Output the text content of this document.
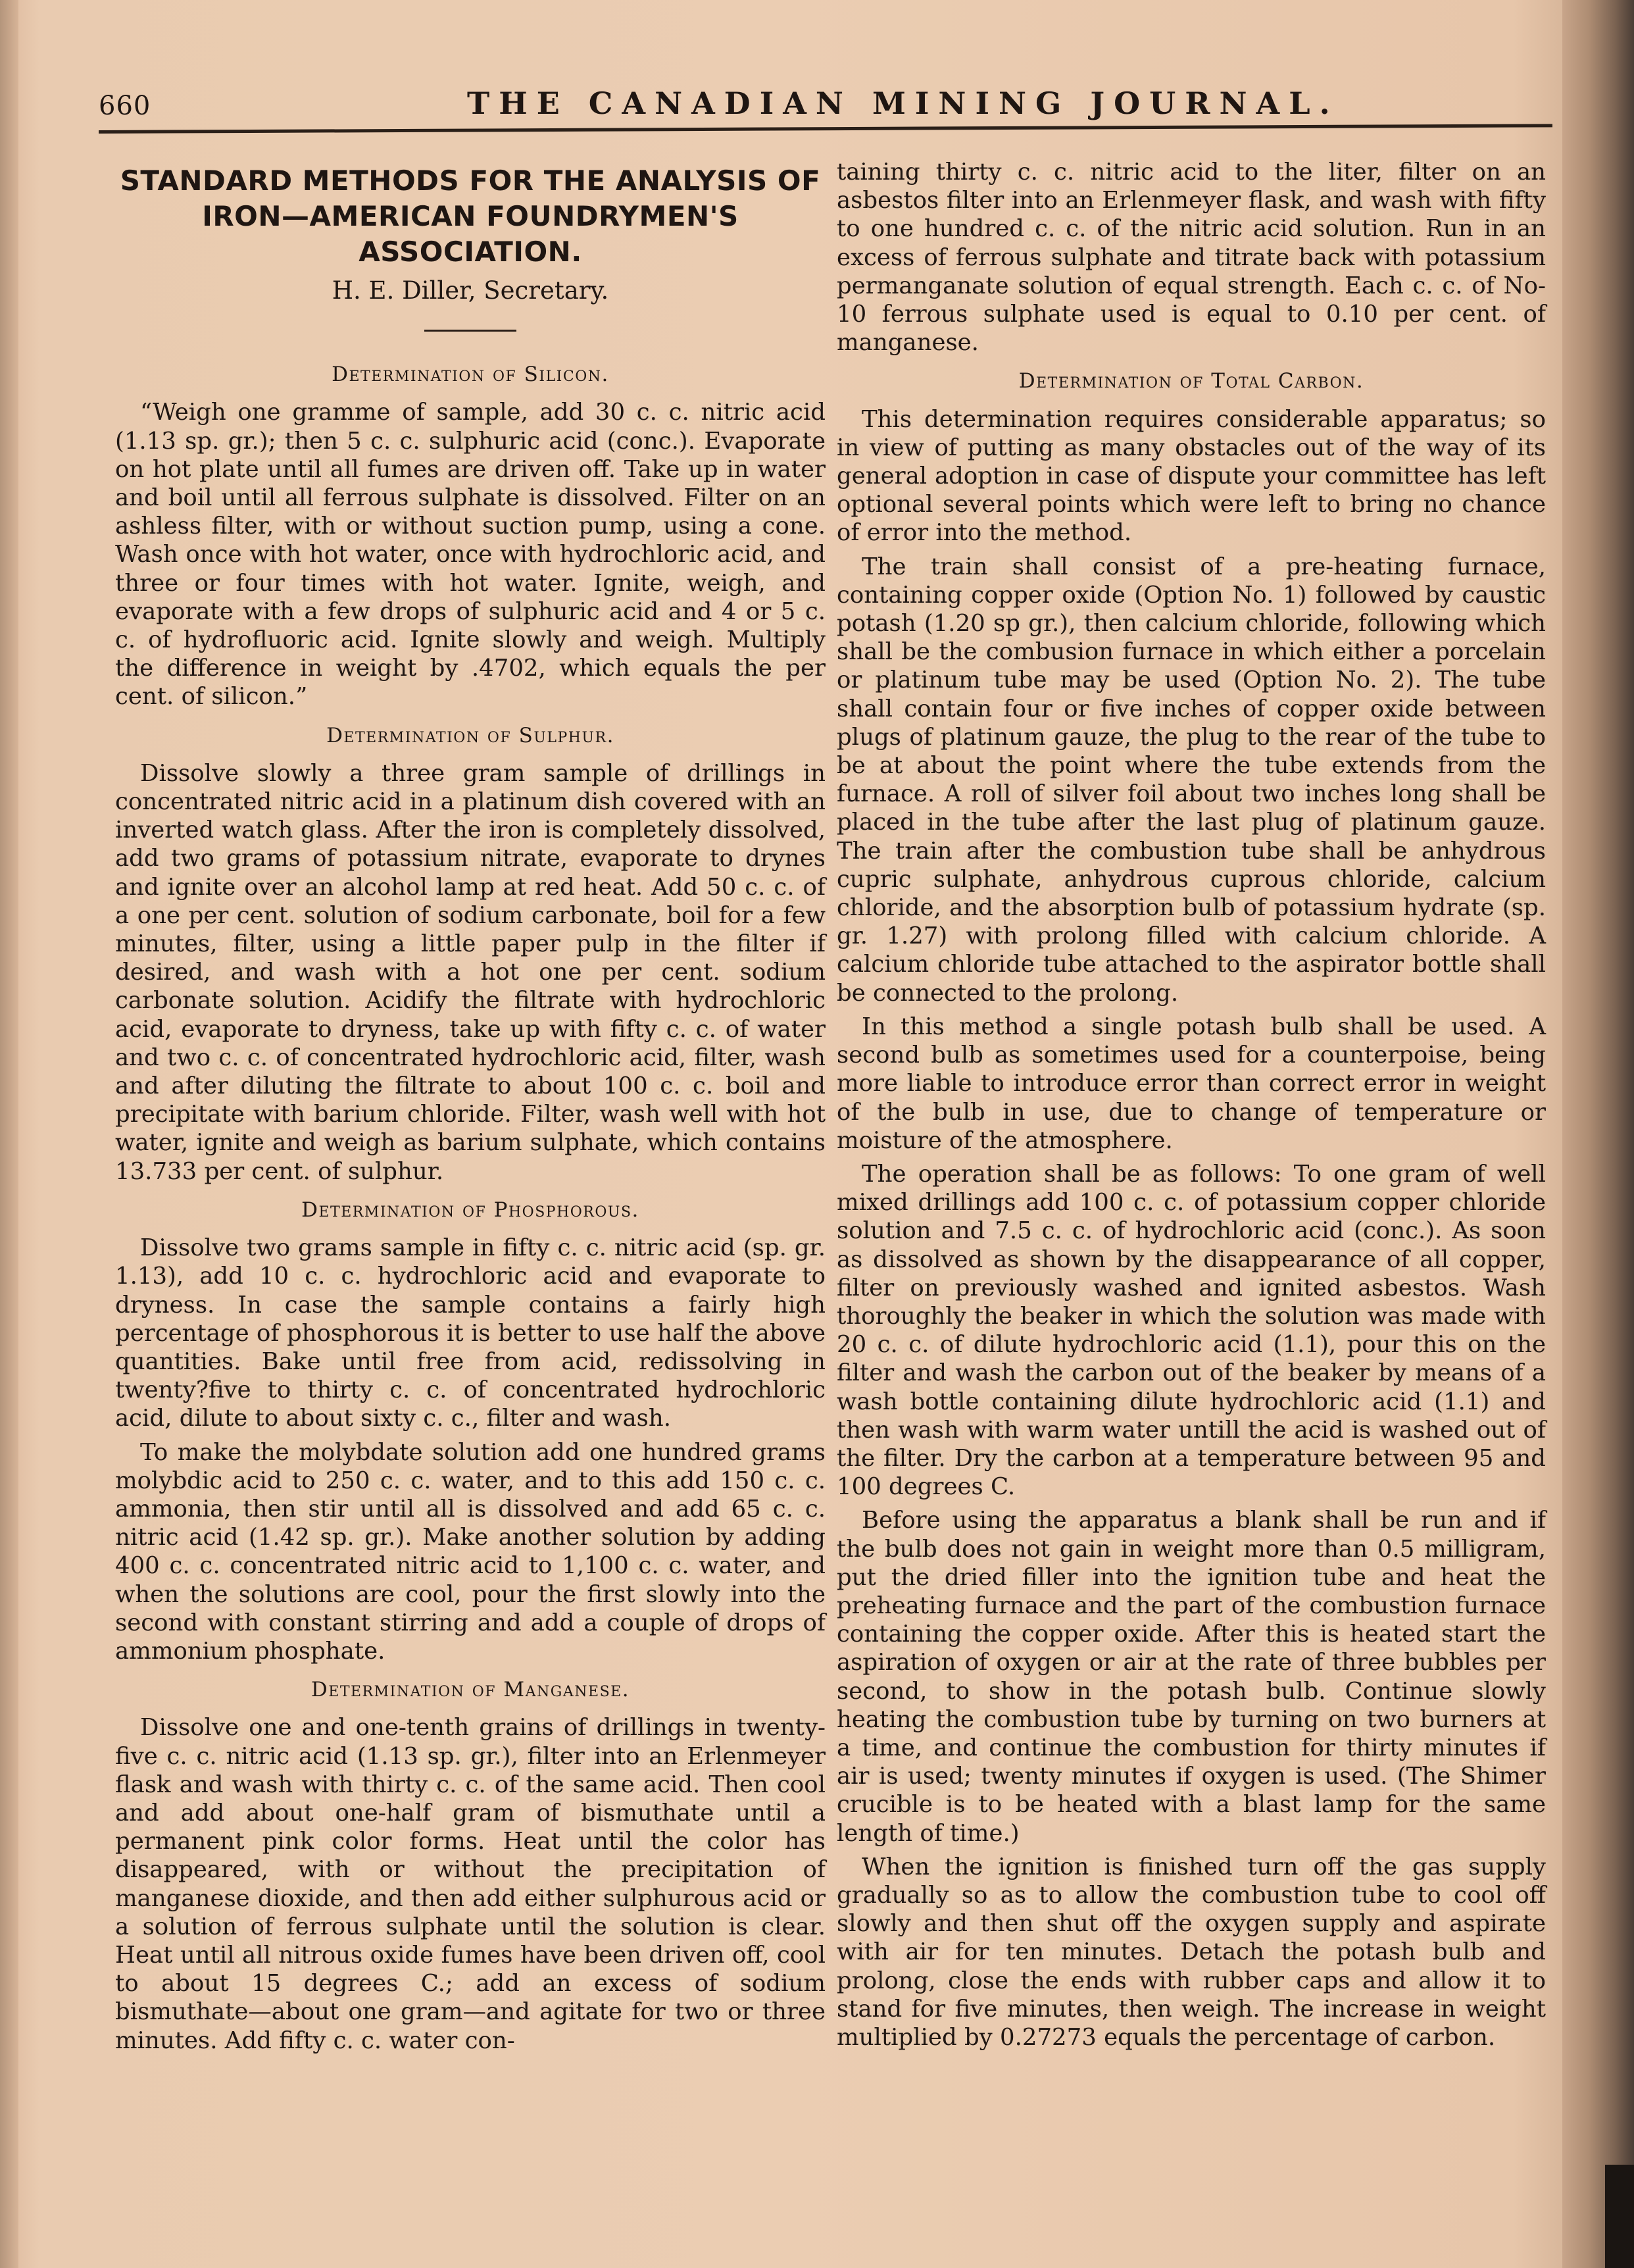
660	THE CANADIAN MINING JOURNAL.
STANDARD METHODS FOR THE ANALYSIS OF IRON—AMERICAN FOUNDRYMEN'S ASSOCIATION.
H. E. Diller, Secretary.
Determination of Silicon.

“Weigh one gramme of sample, add 30 c. c. nitric acid (1.13 sp. gr.); then 5 c. c. sulphuric acid (conc.). Evaporate on hot plate until all fumes are driven off. Take up in water and boil until all ferrous sulphate is dissolved. Filter on an ashless filter, with or without suction pump, using a cone. Wash once with hot water, once with hydrochloric acid, and three or four times with hot water. Ignite, weigh, and evaporate with a few drops of sulphuric acid and 4 or 5 c. c. of hydrofluoric acid. Ignite slowly and weigh. Multiply the difference in weight by .4702, which equals the per cent. of silicon.”

Determination of Sulphur.

Dissolve slowly a three gram sample of drillings in concentrated nitric acid in a platinum dish covered with an inverted watch glass. After the iron is completely dissolved, add two grams of potassium nitrate, evaporate to drynes and ignite over an alcohol lamp at red heat. Add 50 c. c. of a one per cent. solution of sodium carbonate, boil for a few minutes, filter, using a little paper pulp in the filter if desired, and wash with a hot one per cent. sodium carbonate solution. Acidify the filtrate with hydrochloric acid, evaporate to dryness, take up with fifty c. c. of water and two c. c. of concentrated hydrochloric acid, filter, wash and after diluting the filtrate to about 100 c. c. boil and precipitate with barium chloride. Filter, wash well with hot water, ignite and weigh as barium sulphate, which contains 13.733 per cent. of sulphur.

Determination of Phosphorous.

Dissolve two grams sample in fifty c. c. nitric acid (sp. gr. 1.13), add 10 c. c. hydrochloric acid and evaporate to dryness. In case the sample contains a fairly high percentage of phosphorous it is better to use half the above quantities. Bake until free from acid, redissolving in twenty?five to thirty c. c. of concentrated hydrochloric acid, dilute to about sixty c. c., filter and wash.

To make the molybdate solution add one hundred grams molybdic acid to 250 c. c. water, and to this add 150 c. c. ammonia, then stir until all is dissolved and add 65 c. c. nitric acid (1.42 sp. gr.). Make another solution by adding 400 c. c. concentrated nitric acid to 1,100 c. c. water, and when the solutions are cool, pour the first slowly into the second with constant stirring and add a couple of drops of ammonium phosphate.

Determination of Manganese.

Dissolve one and one-tenth grains of drillings in twenty-five c. c. nitric acid (1.13 sp. gr.), filter into an Erlenmeyer flask and wash with thirty c. c. of the same acid. Then cool and add about one-half gram of bismuthate until a permanent pink color forms. Heat until the color has disappeared, with or without the precipitation of manganese dioxide, and then add either sulphurous acid or a solution of ferrous sulphate until the solution is clear. Heat until all nitrous oxide fumes have been driven off, cool to about 15 degrees C.; add an excess of sodium bismuthate—about one gram—and agitate for two or three minutes. Add fifty c. c. water con-

taining thirty c. c. nitric acid to the liter, filter on an asbestos filter into an Erlenmeyer flask, and wash with fifty to one hundred c. c. of the nitric acid solution. Run in an excess of ferrous sulphate and titrate back with potassium permanganate solution of equal strength. Each c. c. of No-10 ferrous sulphate used is equal to 0.10 per cent. of manganese.

Determination of Total Carbon.

This determination requires considerable apparatus; so in view of putting as many obstacles out of the way of its general adoption in case of dispute your committee has left optional several points which were left to bring no chance of error into the method.

The train shall consist of a pre-heating furnace, containing copper oxide (Option No. 1) followed by caustic potash (1.20 sp gr.), then calcium chloride, following which shall be the combusion furnace in which either a porcelain or platinum tube may be used (Option No. 2). The tube shall contain four or five inches of copper oxide between plugs of platinum gauze, the plug to the rear of the tube to be at about the point where the tube extends from the furnace. A roll of silver foil about two inches long shall be placed in the tube after the last plug of platinum gauze. The train after the combustion tube shall be anhydrous cupric sulphate, anhydrous cuprous chloride, calcium chloride, and the absorption bulb of potassium hydrate (sp. gr. 1.27) with prolong filled with calcium chloride. A calcium chloride tube attached to the aspirator bottle shall be connected to the prolong.

In this method a single potash bulb shall be used. A second bulb as sometimes used for a counterpoise, being more liable to introduce error than correct error in weight of the bulb in use, due to change of temperature or moisture of the atmosphere.

The operation shall be as follows: To one gram of well mixed drillings add 100 c. c. of potassium copper chloride solution and 7.5 c. c. of hydrochloric acid (conc.). As soon as dissolved as shown by the disappearance of all copper, filter on previously washed and ignited asbestos. Wash thoroughly the beaker in which the solution was made with 20 c. c. of dilute hydrochloric acid (1.1), pour this on the filter and wash the carbon out of the beaker by means of a wash bottle containing dilute hydrochloric acid (1.1) and then wash with warm water untill the acid is washed out of the filter. Dry the carbon at a temperature between 95 and 100 degrees C.

Before using the apparatus a blank shall be run and if the bulb does not gain in weight more than 0.5 milligram, put the dried filler into the ignition tube and heat the preheating furnace and the part of the combustion furnace containing the copper oxide. After this is heated start the aspiration of oxygen or air at the rate of three bubbles per second, to show in the potash bulb. Continue slowly heating the combustion tube by turning on two burners at a time, and continue the combustion for thirty minutes if air is used; twenty minutes if oxygen is used. (The Shimer crucible is to be heated with a blast lamp for the same length of time.)

When the ignition is finished turn off the gas supply gradually so as to allow the combustion tube to cool off slowly and then shut off the oxygen supply and aspirate with air for ten minutes. Detach the potash bulb and prolong, close the ends with rubber caps and allow it to stand for five minutes, then weigh. The increase in weight multiplied by 0.27273 equals the percentage of carbon.
